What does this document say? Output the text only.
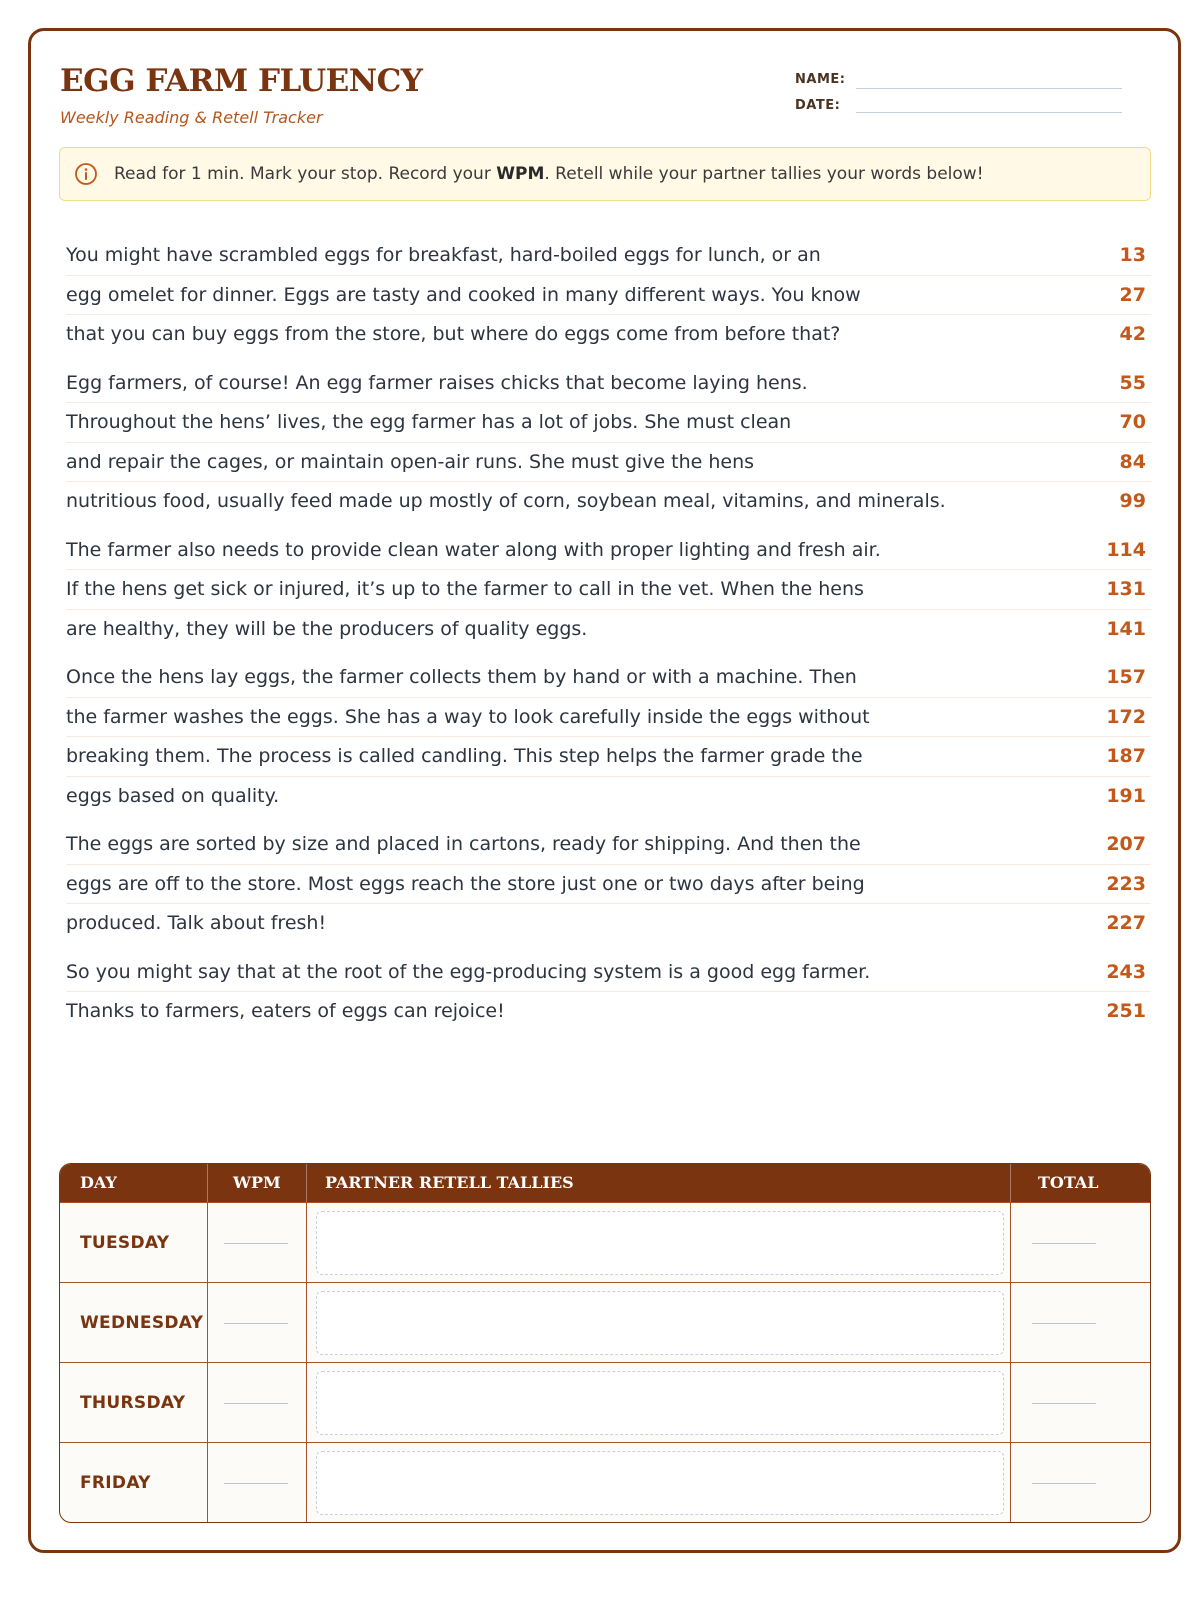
EGG FARM FLUENCY
Weekly Reading & Retell Tracker
NAME:
DATE:
Read for 1 min. Mark your stop. Record your WPM. Retell while your partner tallies your words below!
You might have scrambled eggs for breakfast, hard-boiled eggs for lunch, or an	13
egg omelet for dinner. Eggs are tasty and cooked in many different ways. You know	27
that you can buy eggs from the store, but where do eggs come from before that?	42
Egg farmers, of course! An egg farmer raises chicks that become laying hens.	55
Throughout the hens’ lives, the egg farmer has a lot of jobs. She must clean	70
and repair the cages, or maintain open-air runs. She must give the hens	84
nutritious food, usually feed made up mostly of corn, soybean meal, vitamins, and minerals.	99
The farmer also needs to provide clean water along with proper lighting and fresh air.	114
If the hens get sick or injured, it’s up to the farmer to call in the vet. When the hens	131
are healthy, they will be the producers of quality eggs.	141
Once the hens lay eggs, the farmer collects them by hand or with a machine. Then	157
the farmer washes the eggs. She has a way to look carefully inside the eggs without	172
breaking them. The process is called candling. This step helps the farmer grade the	187
eggs based on quality.	191
The eggs are sorted by size and placed in cartons, ready for shipping. And then the	207
eggs are off to the store. Most eggs reach the store just one or two days after being	223
produced. Talk about fresh!	227
So you might say that at the root of the egg-producing system is a good egg farmer.	243
Thanks to farmers, eaters of eggs can rejoice!	251
DAY	WPM	PARTNER RETELL TALLIES	TOTAL
TUESDAY
WEDNESDAY
THURSDAY
FRIDAY
